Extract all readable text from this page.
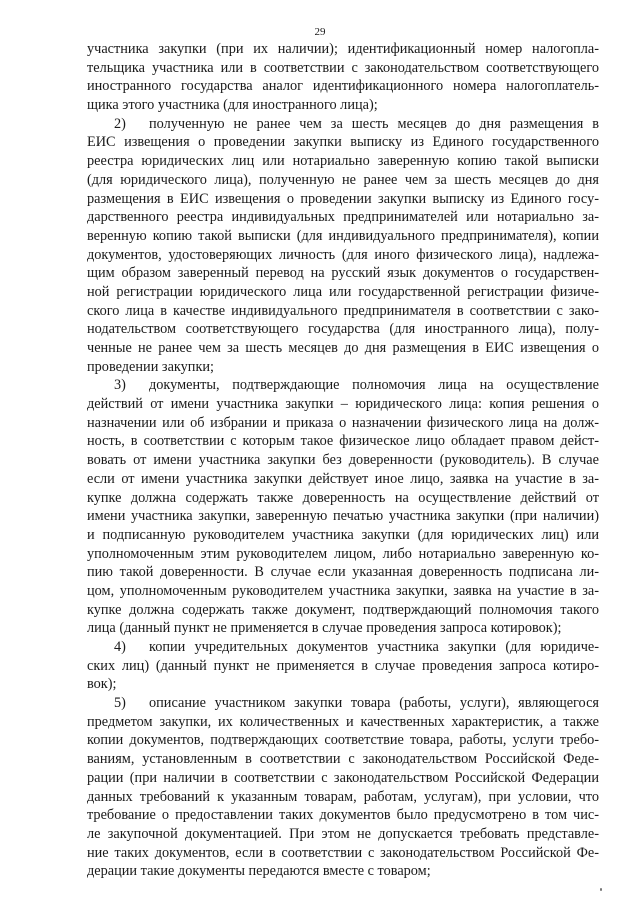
29
участника закупки (при их наличии); идентификационный номер налогопла-
тельщика участника или в соответствии с законодательством соответствующего
иностранного государства аналог идентификационного номера налогоплатель-
щика этого участника (для иностранного лица);
2) полученную не ранее чем за шесть месяцев до дня размещения в
ЕИС извещения о проведении закупки выписку из Единого государственного
реестра юридических лиц или нотариально заверенную копию такой выписки
(для юридического лица), полученную не ранее чем за шесть месяцев до дня
размещения в ЕИС извещения о проведении закупки выписку из Единого госу-
дарственного реестра индивидуальных предпринимателей или нотариально за-
веренную копию такой выписки (для индивидуального предпринимателя), копии
документов, удостоверяющих личность (для иного физического лица), надлежа-
щим образом заверенный перевод на русский язык документов о государствен-
ной регистрации юридического лица или государственной регистрации физиче-
ского лица в качестве индивидуального предпринимателя в соответствии с зако-
нодательством соответствующего государства (для иностранного лица), полу-
ченные не ранее чем за шесть месяцев до дня размещения в ЕИС извещения о
проведении закупки;
3) документы, подтверждающие полномочия лица на осуществление
действий от имени участника закупки – юридического лица: копия решения о
назначении или об избрании и приказа о назначении физического лица на долж-
ность, в соответствии с которым такое физическое лицо обладает правом дейст-
вовать от имени участника закупки без доверенности (руководитель). В случае
если от имени участника закупки действует иное лицо, заявка на участие в за-
купке должна содержать также доверенность на осуществление действий от
имени участника закупки, заверенную печатью участника закупки (при наличии)
и подписанную руководителем участника закупки (для юридических лиц) или
уполномоченным этим руководителем лицом, либо нотариально заверенную ко-
пию такой доверенности. В случае если указанная доверенность подписана ли-
цом, уполномоченным руководителем участника закупки, заявка на участие в за-
купке должна содержать также документ, подтверждающий полномочия такого
лица (данный пункт не применяется в случае проведения запроса котировок);
4) копии учредительных документов участника закупки (для юридиче-
ских лиц) (данный пункт не применяется в случае проведения запроса котиро-
вок);
5) описание участником закупки товара (работы, услуги), являющегося
предметом закупки, их количественных и качественных характеристик, а также
копии документов, подтверждающих соответствие товара, работы, услуги требо-
ваниям, установленным в соответствии с законодательством Российской Феде-
рации (при наличии в соответствии с законодательством Российской Федерации
данных требований к указанным товарам, работам, услугам), при условии, что
требование о предоставлении таких документов было предусмотрено в том чис-
ле закупочной документацией. При этом не допускается требовать представле-
ние таких документов, если в соответствии с законодательством Российской Фе-
дерации такие документы передаются вместе с товаром;
